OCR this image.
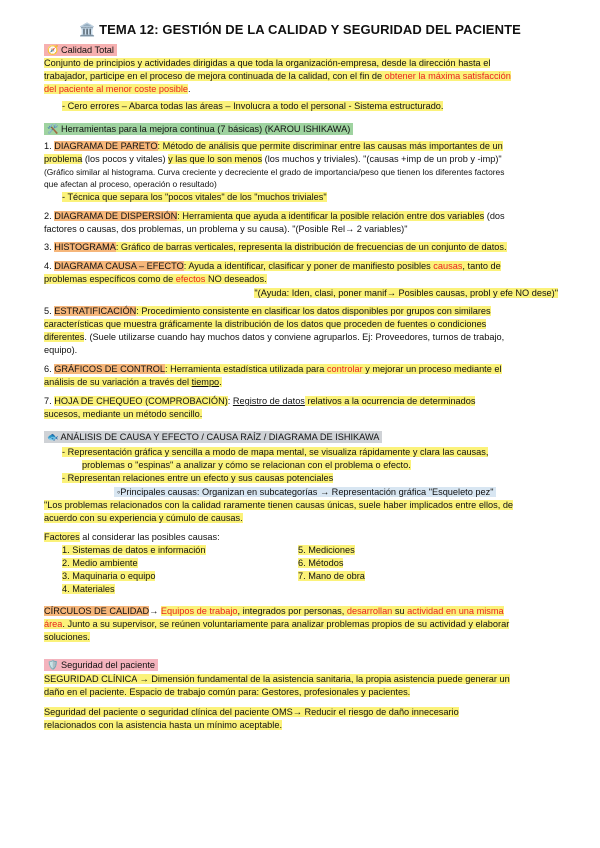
🏛️ TEMA 12: GESTIÓN DE LA CALIDAD Y SEGURIDAD DEL PACIENTE
🧭 Calidad Total
Conjunto de principios y actividades dirigidas a que toda la organización-empresa, desde la dirección hasta el
trabajador, participe en el proceso de mejora continuada de la calidad, con el fin de obtener la máxima satisfacción
del paciente al menor coste posible.
- Cero errores – Abarca todas las áreas – Involucra a todo el personal - Sistema estructurado.
🛠️ Herramientas para la mejora continua (7 básicas) (KAROU ISHIKAWA)
1. DIAGRAMA DE PARETO: Método de análisis que permite discriminar entre las causas más importantes de un
problema (los pocos y vitales) y las que lo son menos (los muchos y triviales). "(causas +imp de un prob y -imp)"
(Gráfico similar al histograma. Curva creciente y decreciente el grado de importancia/peso que tienen los diferentes factores
que afectan al proceso, operación o resultado)
- Técnica que separa los "pocos vitales" de los "muchos triviales"
2. DIAGRAMA DE DISPERSIÓN: Herramienta que ayuda a identificar la posible relación entre dos variables (dos
factores o causas, dos problemas, un problema y su causa). "(Posible Rel→ 2 variables)"
3. HISTOGRAMA: Gráfico de barras verticales, representa la distribución de frecuencias de un conjunto de datos.
4. DIAGRAMA CAUSA – EFECTO: Ayuda a identificar, clasificar y poner de manifiesto posibles causas, tanto de
problemas específicos como de efectos NO deseados.
"(Ayuda: Iden, clasi, poner manif→ Posibles causas, probl y efe NO dese)"
5. ESTRATIFICACIÓN: Procedimiento consistente en clasificar los datos disponibles por grupos con similares
características que muestra gráficamente la distribución de los datos que proceden de fuentes o condiciones
diferentes. (Suele utilizarse cuando hay muchos datos y conviene agruparlos. Ej: Proveedores, turnos de trabajo,
equipo).
6. GRÁFICOS DE CONTROL: Herramienta estadística utilizada para controlar y mejorar un proceso mediante el
análisis de su variación a través del tiempo.
7. HOJA DE CHEQUEO (COMPROBACIÓN): Registro de datos relativos a la ocurrencia de determinados
sucesos, mediante un método sencillo.
🐟 ANÁLISIS DE CAUSA Y EFECTO / CAUSA RAÍZ / DIAGRAMA DE ISHIKAWA
- Representación gráfica y sencilla a modo de mapa mental, se visualiza rápidamente y clara las causas,
problemas o "espinas" a analizar y cómo se relacionan con el problema o efecto.
- Representan relaciones entre un efecto y sus causas potenciales
◦Principales causas: Organizan en subcategorías → Representación gráfica "Esqueleto pez"
"Los problemas relacionados con la calidad raramente tienen causas únicas, suele haber implicados entre ellos, de
acuerdo con su experiencia y cúmulo de causas.
Factores al considerar las posibles causas:
1. Sistemas de datos e información
2. Medio ambiente
3. Maquinaria o equipo
4. Materiales
5. Mediciones
6. Métodos
7. Mano de obra
CÍRCULOS DE CALIDAD→ Equipos de trabajo, integrados por personas, desarrollan su actividad en una misma
área. Junto a su supervisor, se reúnen voluntariamente para analizar problemas propios de su actividad y elaborar
soluciones.
🛡️ Seguridad del paciente
SEGURIDAD CLÍNICA → Dimensión fundamental de la asistencia sanitaria, la propia asistencia puede generar un
daño en el paciente. Espacio de trabajo común para: Gestores, profesionales y pacientes.
Seguridad del paciente o seguridad clínica del paciente OMS→ Reducir el riesgo de daño innecesario
relacionados con la asistencia hasta un mínimo aceptable.
